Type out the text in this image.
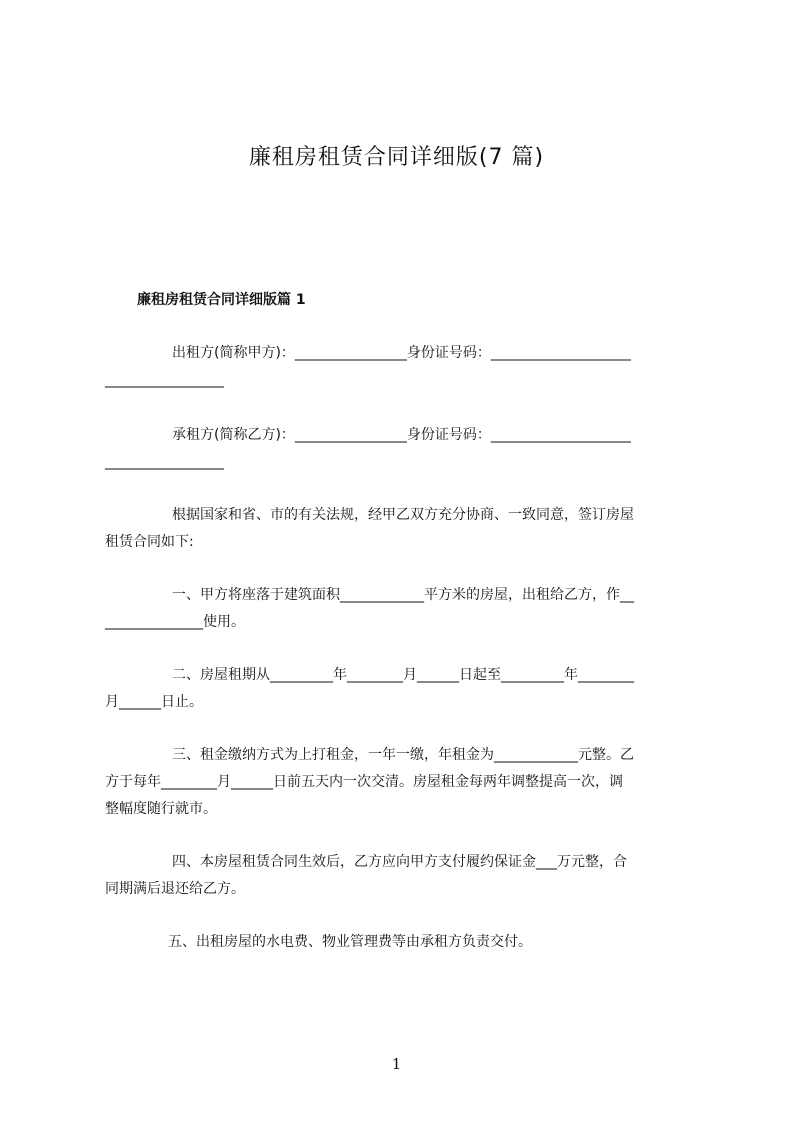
廉租房租赁合同详细版(7 篇)
廉租房租赁合同详细版篇 1
出租方(简称甲方)：________________身份证号码：____________________
_________________
承租方(简称乙方)：________________身份证号码：____________________
_________________
根据国家和省、市的有关法规，经甲乙双方充分协商、一致同意，签订房屋
租赁合同如下:
一、甲方将座落于建筑面积____________平方米的房屋，出租给乙方，作__
______________使用。
二、房屋租期从_________年________月______日起至_________年________
月______日止。
三、租金缴纳方式为上打租金，一年一缴，年租金为____________元整。乙
方于每年________月______日前五天内一次交清。房屋租金每两年调整提高一次，调
整幅度随行就市。
四、本房屋租赁合同生效后，乙方应向甲方支付履约保证金___万元整，合
同期满后退还给乙方。
五、出租房屋的水电费、物业管理费等由承租方负责交付。
1
